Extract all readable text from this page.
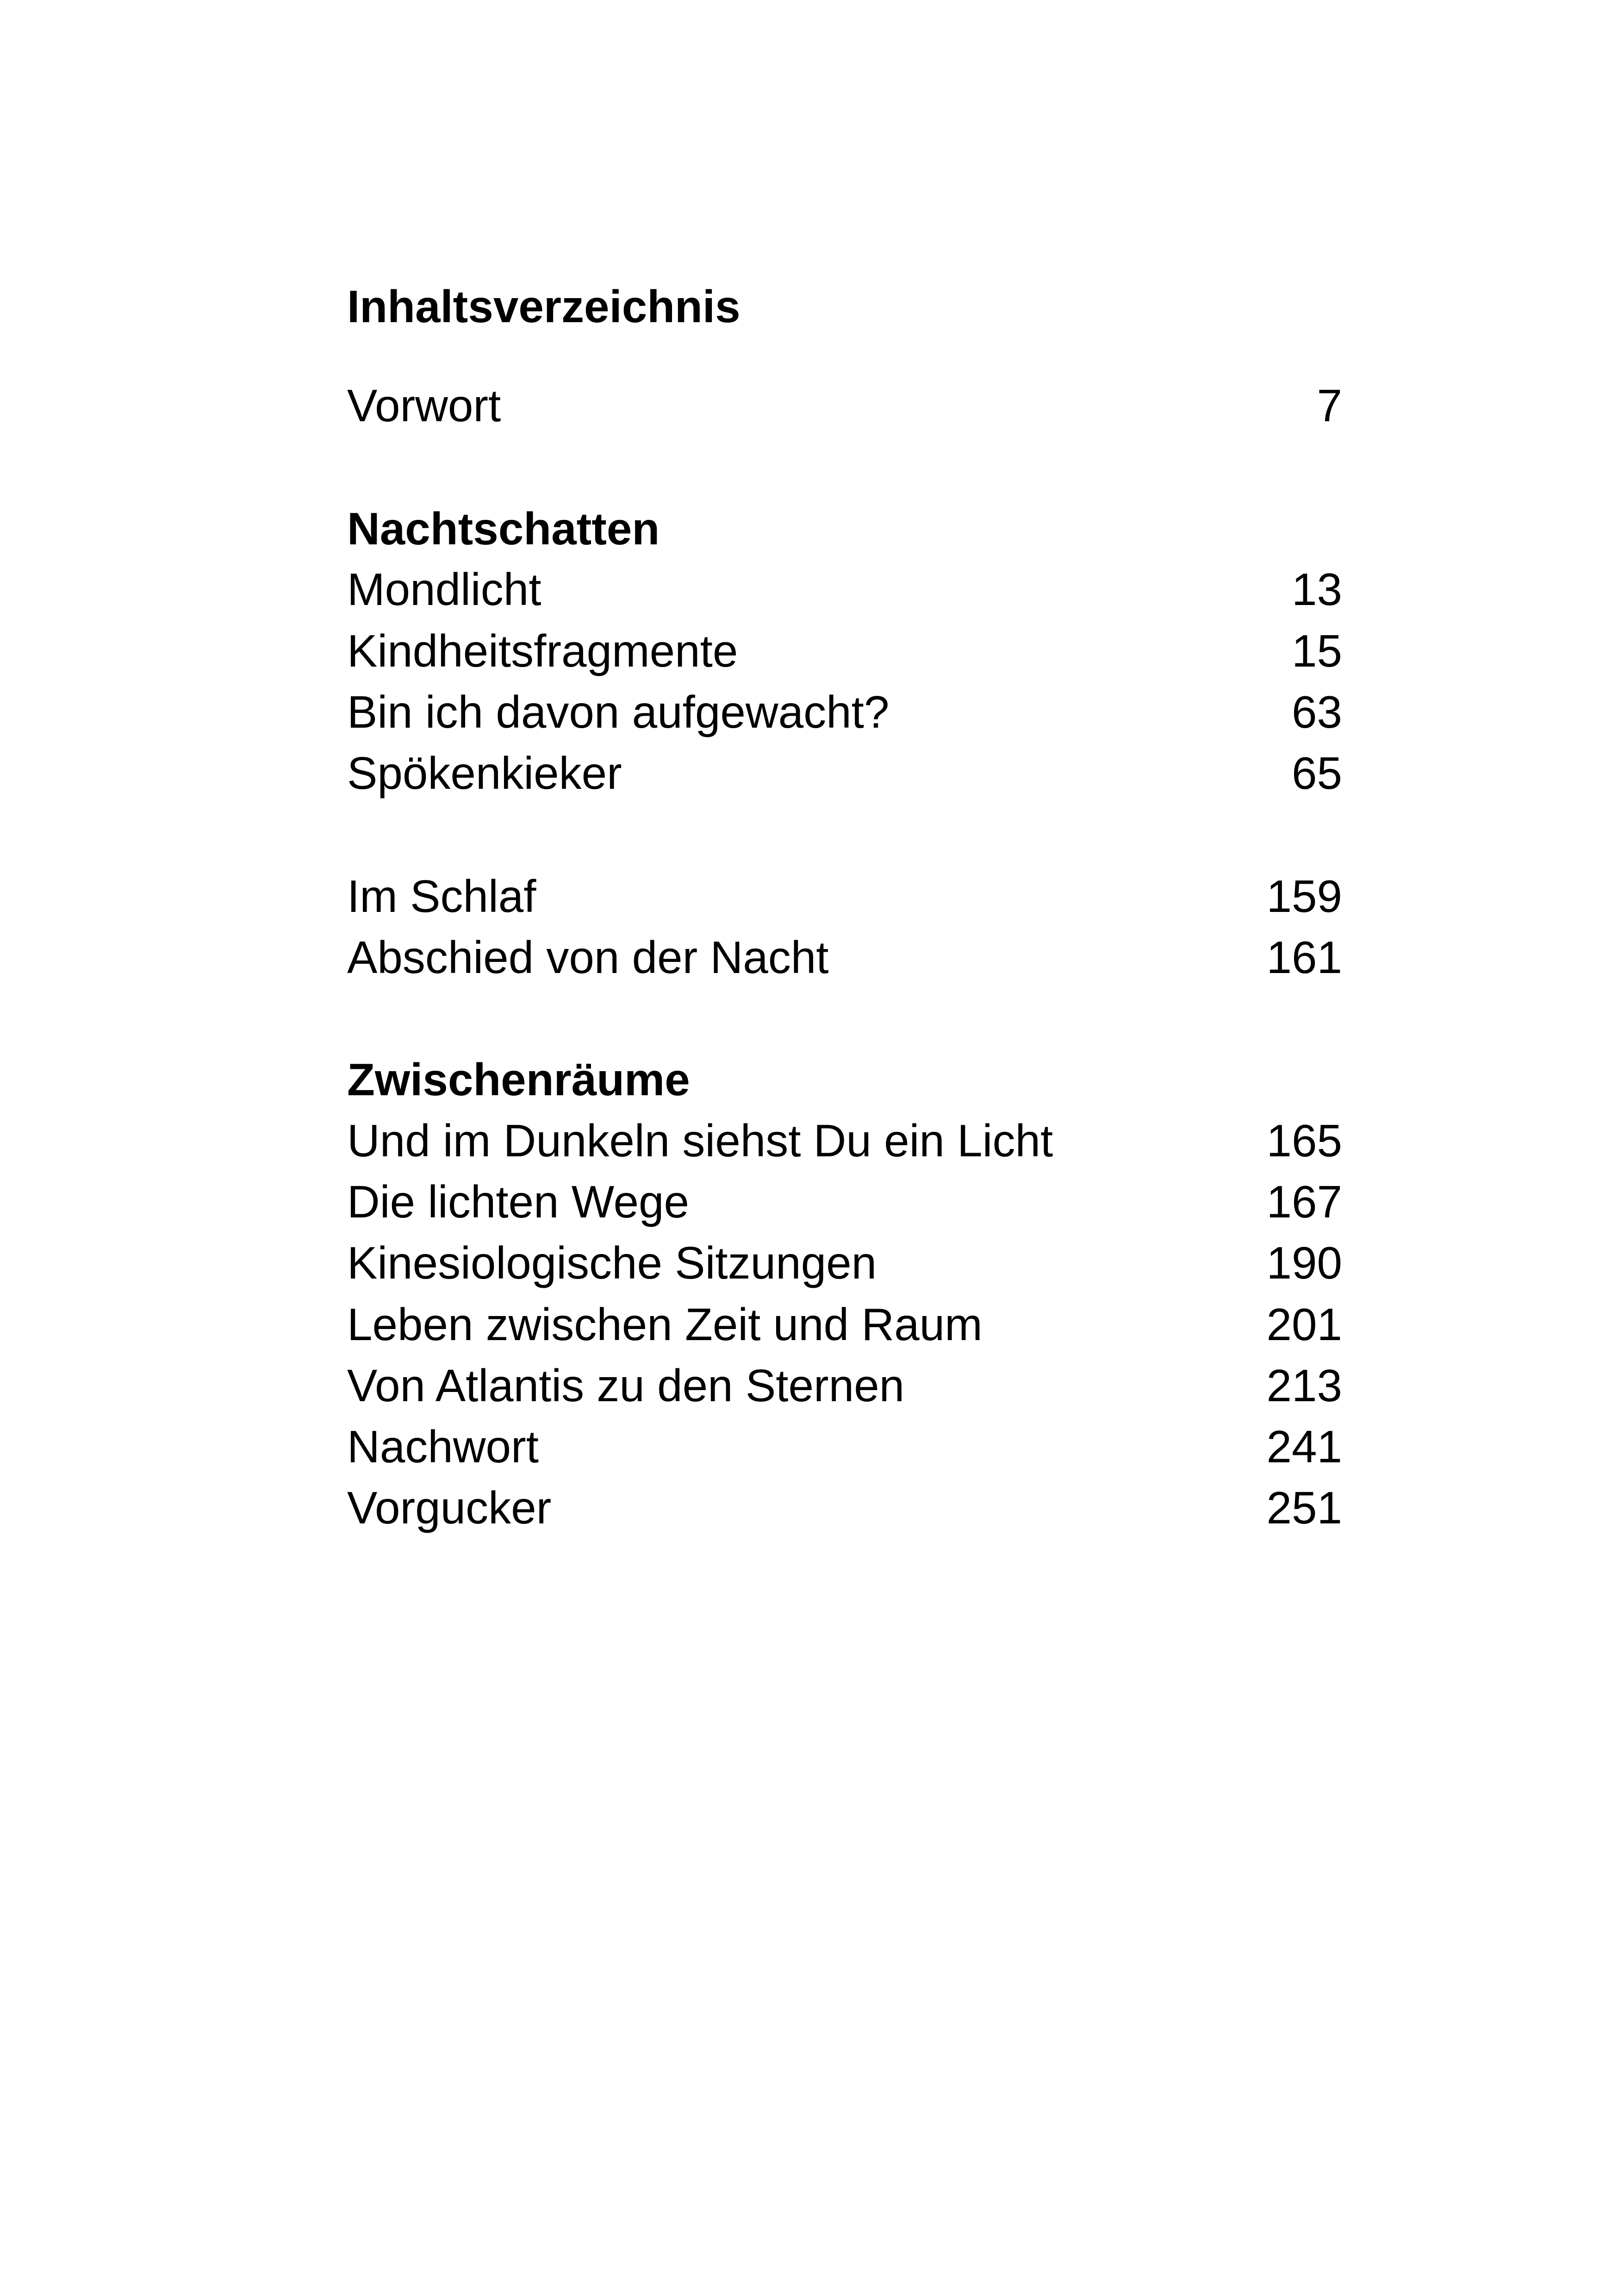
Inhaltsverzeichnis
Vorwort	7
Nachtschatten
Mondlicht	13
Kindheitsfragmente	15
Bin ich davon aufgewacht?	63
Spökenkieker	65
Im Schlaf	159
Abschied von der Nacht	161
Zwischenräume
Und im Dunkeln siehst Du ein Licht	165
Die lichten Wege	167
Kinesiologische Sitzungen	190
Leben zwischen Zeit und Raum	201
Von Atlantis zu den Sternen	213
Nachwort	241
Vorgucker	251
